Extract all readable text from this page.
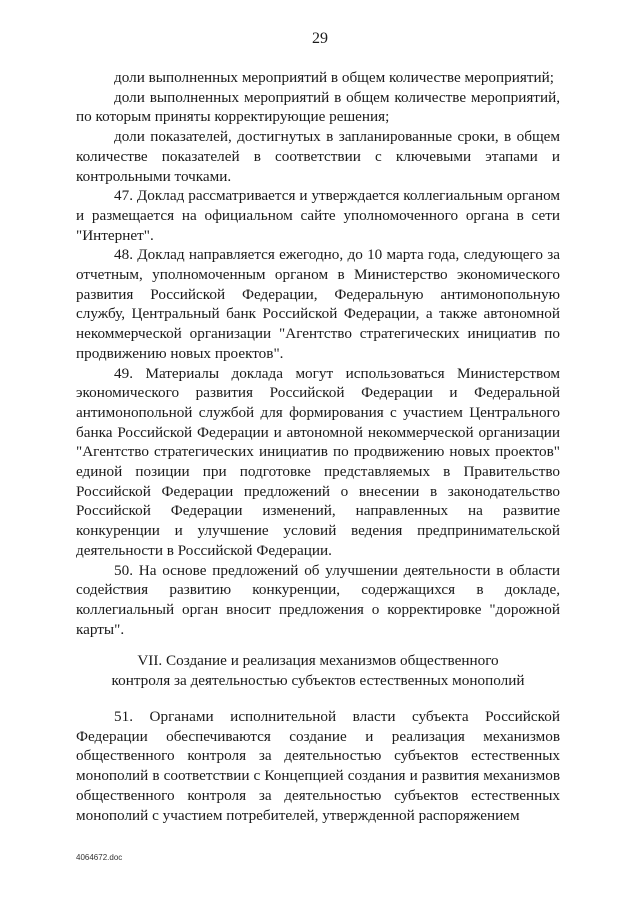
29

доли выполненных мероприятий в общем количестве мероприятий;

доли выполненных мероприятий в общем количестве мероприятий, по которым приняты корректирующие решения;

доли показателей, достигнутых в запланированные сроки, в общем количестве показателей в соответствии с ключевыми этапами и контрольными точками.

47. Доклад рассматривается и утверждается коллегиальным органом и размещается на официальном сайте уполномоченного органа в сети "Интернет".

48. Доклад направляется ежегодно, до 10 марта года, следующего за отчетным, уполномоченным органом в Министерство экономического развития Российской Федерации, Федеральную антимонопольную службу, Центральный банк Российской Федерации, а также автономной некоммерческой организации "Агентство стратегических инициатив по продвижению новых проектов".

49. Материалы доклада могут использоваться Министерством экономического развития Российской Федерации и Федеральной антимонопольной службой для формирования с участием Центрального банка Российской Федерации и автономной некоммерческой организации "Агентство стратегических инициатив по продвижению новых проектов" единой позиции при подготовке представляемых в Правительство Российской Федерации предложений о внесении в законодательство Российской Федерации изменений, направленных на развитие конкуренции и улучшение условий ведения предпринимательской деятельности в Российской Федерации.

50. На основе предложений об улучшении деятельности в области содействия развитию конкуренции, содержащихся в докладе, коллегиальный орган вносит предложения о корректировке "дорожной карты".

VII. Создание и реализация механизмов общественного
контроля за деятельностью субъектов естественных монополий

51. Органами исполнительной власти субъекта Российской Федерации обеспечиваются создание и реализация механизмов общественного контроля за деятельностью субъектов естественных монополий в соответствии с Концепцией создания и развития механизмов общественного контроля за деятельностью субъектов естественных монополий с участием потребителей, утвержденной распоряжением

4064672.doc
